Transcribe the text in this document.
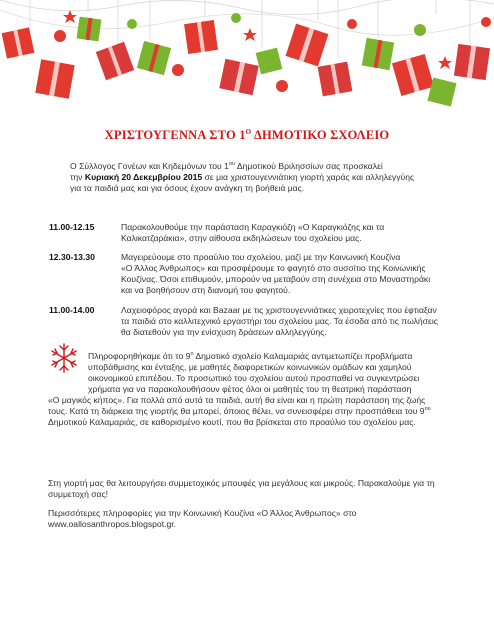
ΧΡΙΣΤΟΥΓΕΝΝΑ ΣΤΟ $1^O$ ΔΗΜΟΤΙΚΟ ΣΧΟΛΕΙΟ
Ο Σύλλογος Γονέων και Κηδεμόνων του $1^{o\upsilon}$ Δημοτικού Βριλησσίων σας προσκαλεί
την Κυριακή 20 Δεκεμβρίου 2015 σε μια χριστουγεννιάτικη γιορτή χαράς και αλληλεγγύης
για τα παιδιά μας και για όσους έχουν ανάγκη τη βοήθειά μας.
11.00-12.15	Παρακολουθούμε την παράσταση Καραγκιόζη «Ο Καραγκιόζης και τα
Καλικατζαράκια», στην αίθουσα εκδηλώσεων του σχολείου μας.
12.30-13.30	Μαγειρεύουμε στο προαύλιο του σχολείου, μαζί με την Κοινωνική Κουζίνα
«Ο Άλλος Άνθρωπος» και προσφέρουμε το φαγητό στο συσσίτιο της Κοινωνικής
Κουζίνας. Όσοι επιθυμούν, μπορούν να μεταβούν στη συνέχεια στο Μοναστηράκι
και να βοηθήσουν στη διανομή του φαγητού.
11.00-14.00	Λαχειοφόρος αγορά και Bazaar με τις χριστουγεννιάτικες χειροτεχνίες που έφτιαξαν
τα παιδιά στο καλλιτεχνικό εργαστήρι του σχολείου μας. Τα έσοδα από τις πωλήσεις
θα διατεθούν για την ενίσχυση δράσεων αλληλεγγύης.
Πληροφορηθήκαμε ότι το $9^o$ Δημοτικό σχολείο Καλαμαριάς αντιμετωπίζει προβλήματα
υποβάθμισης και ένταξης, με μαθητές διαφορετικών κοινωνικών ομάδων και χαμηλού
οικονομικού επιπέδου. Το προσωπικό του σχολείου αυτού προσπαθεί να συγκεντρώσει
χρήματα για να παρακολουθήσουν φέτος όλοι οι μαθητές του τη θεατρική παράσταση
«Ο μαγικός κήπος». Για πολλά από αυτά τα παιδιά, αυτή θα είναι και η πρώτη παράσταση της ζωής
τους. Κατά τη διάρκεια της γιορτής θα μπορεί, όποιος θέλει, να συνεισφέρει στην προσπάθεια του $9^{o\upsilon}$
Δημοτικού Καλαμαριάς, σε καθορισμένο κουτί, που θα βρίσκεται στο προαύλιο του σχολείου μας.
Στη γιορτή μας θα λειτουργήσει συμμετοχικός μπουφές για μεγάλους και μικρούς. Παρακαλούμε για τη
συμμετοχή σας!
Περισσότερες πληροφορίες για την Κοινωνική Κουζίνα «Ο Άλλος Άνθρωπος» στο
www.oallosanthropos.blogspot.gr.
